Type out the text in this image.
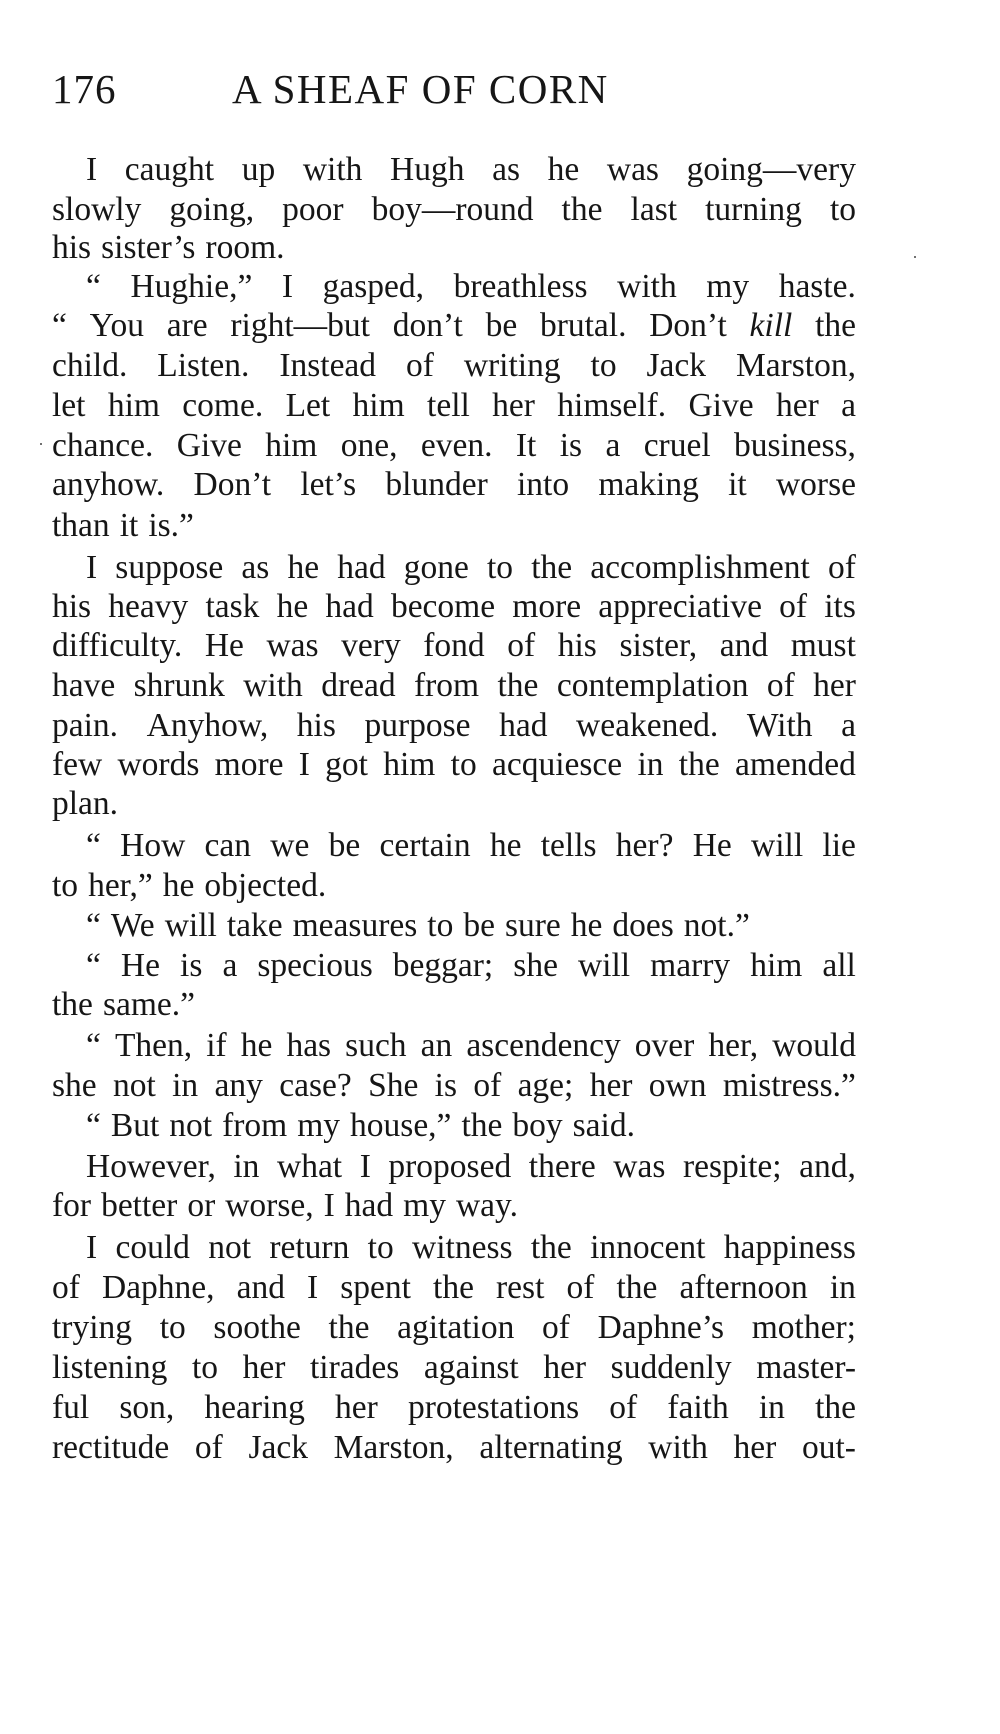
176	A SHEAF OF CORN
I caught up with Hugh as he was going—very
slowly going, poor boy—round the last turning to
his sister’s room.
“ Hughie,” I gasped, breathless with my haste.
“ You are right—but don’t be brutal. Don’t kill the
child. Listen. Instead of writing to Jack Marston,
let him come. Let him tell her himself. Give her a
chance. Give him one, even. It is a cruel business,
anyhow. Don’t let’s blunder into making it worse
than it is.”
I suppose as he had gone to the accomplishment of
his heavy task he had become more appreciative of its
difficulty. He was very fond of his sister, and must
have shrunk with dread from the contemplation of her
pain. Anyhow, his purpose had weakened. With a
few words more I got him to acquiesce in the amended
plan.
“ How can we be certain he tells her? He will lie
to her,” he objected.
“ We will take measures to be sure he does not.”
“ He is a specious beggar; she will marry him all
the same.”
“ Then, if he has such an ascendency over her, would
she not in any case? She is of age; her own mistress.”
“ But not from my house,” the boy said.
However, in what I proposed there was respite; and,
for better or worse, I had my way.
I could not return to witness the innocent happiness
of Daphne, and I spent the rest of the afternoon in
trying to soothe the agitation of Daphne’s mother;
listening to her tirades against her suddenly master-
ful son, hearing her protestations of faith in the
rectitude of Jack Marston, alternating with her out-
